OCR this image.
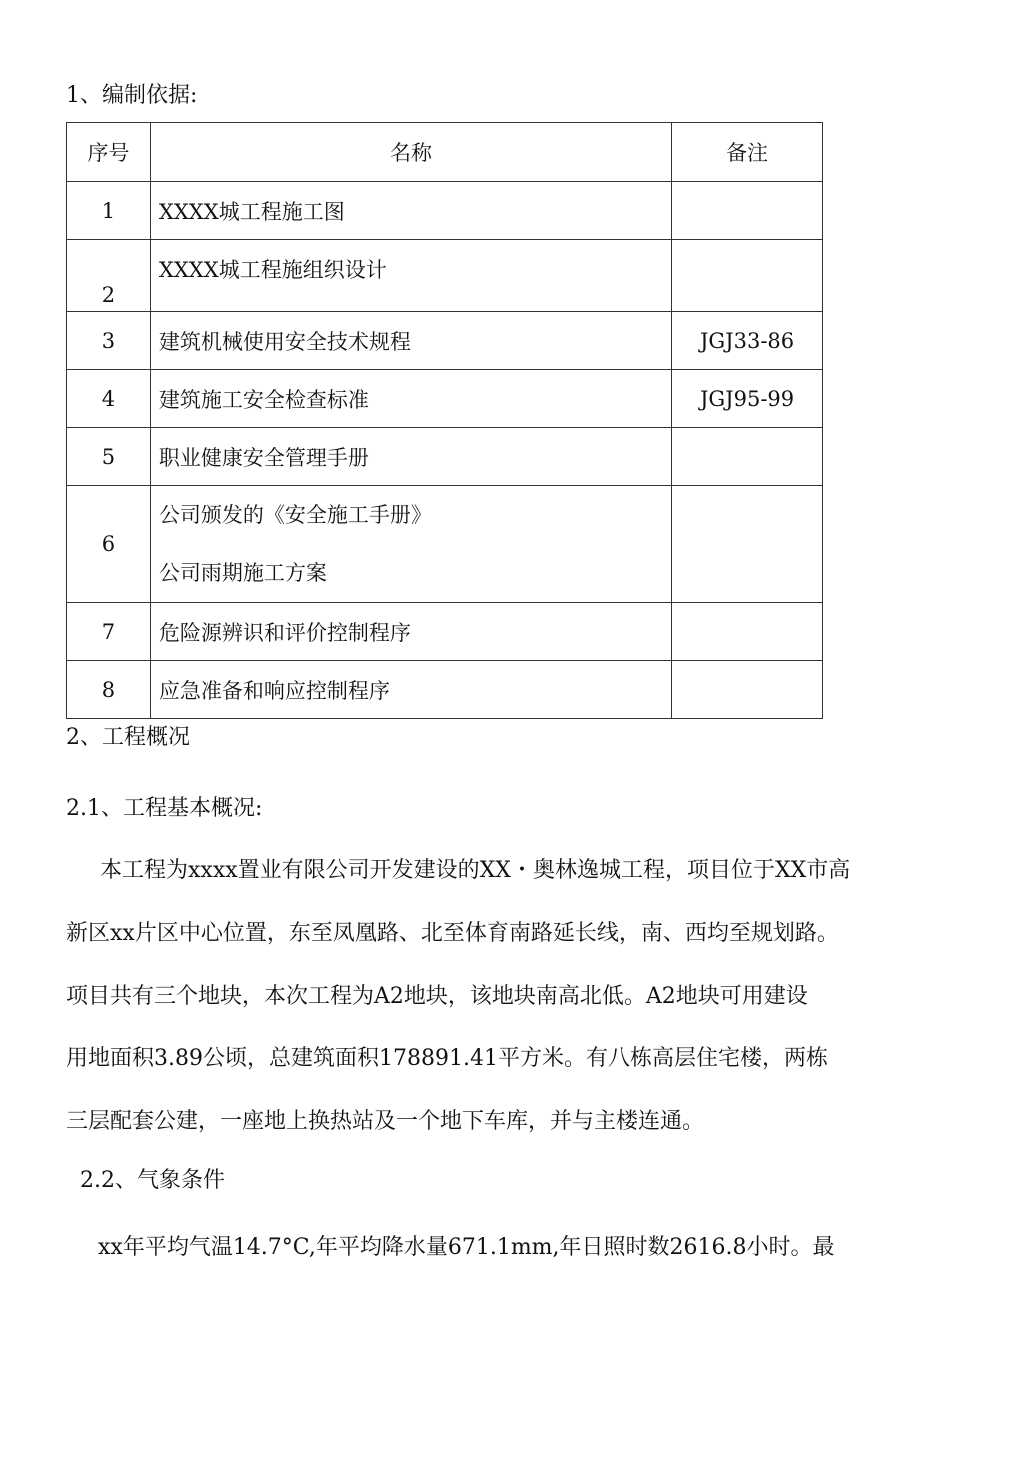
1、编制依据:
序号	名称	备注
1	XXXX城工程施工图	
2	XXXX城工程施组织设计	
3	建筑机械使用安全技术规程	JGJ33-86
4	建筑施工安全检查标准	JGJ95-99
5	职业健康安全管理手册	
6	公司颁发的《安全施工手册》
公司雨期施工方案	

7	危险源辨识和评价控制程序	
8	应急准备和响应控制程序	
2、工程概况
2.1、工程基本概况:
本工程为xxxx置业有限公司开发建设的XX・奥林逸城工程，项目位于XX市高
新区xx片区中心位置，东至凤凰路、北至体育南路延长线，南、西均至规划路。
项目共有三个地块，本次工程为A2地块，该地块南高北低。A2地块可用建设
用地面积3.89公顷，总建筑面积178891.41平方米。有八栋高层住宅楼，两栋
三层配套公建，一座地上换热站及一个地下车库，并与主楼连通。
2.2、气象条件
xx年平均气温14.7°C,年平均降水量671.1mm,年日照时数2616.8小时。最
